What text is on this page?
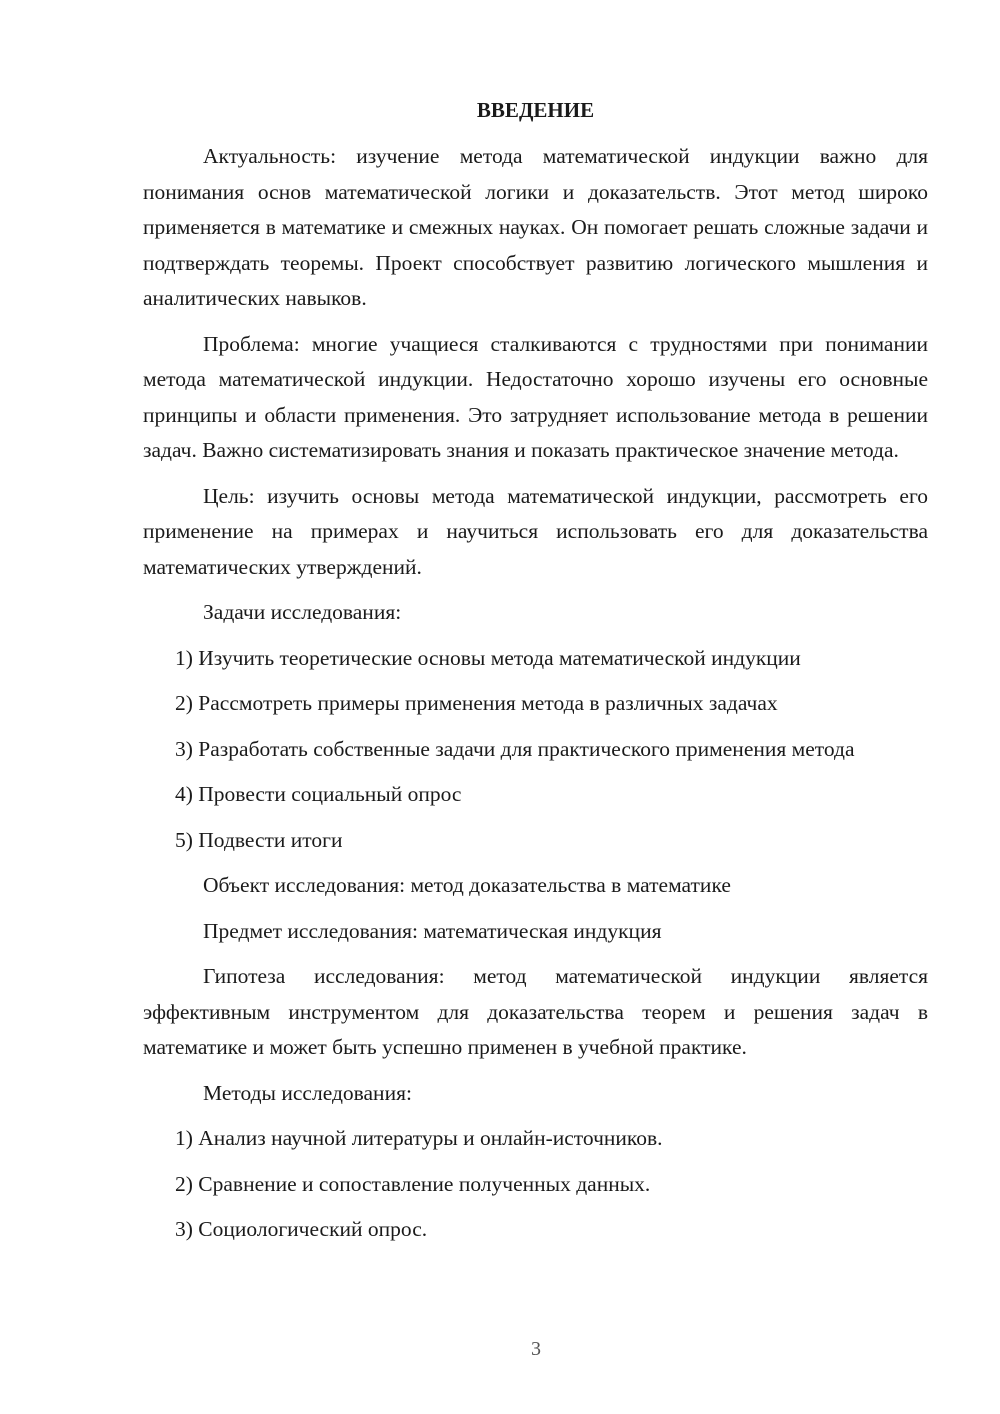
ВВЕДЕНИЕ
Актуальность: изучение метода математической индукции важно для понимания основ математической логики и доказательств. Этот метод широко применяется в математике и смежных науках. Он помогает решать сложные задачи и подтверждать теоремы. Проект способствует развитию логического мышления и аналитических навыков.
Проблема: многие учащиеся сталкиваются с трудностями при понимании метода математической индукции. Недостаточно хорошо изучены его основные принципы и области применения. Это затрудняет использование метода в решении задач. Важно систематизировать знания и показать практическое значение метода.
Цель: изучить основы метода математической индукции, рассмотреть его применение на примерах и научиться использовать его для доказательства математических утверждений.
Задачи исследования:
1) Изучить теоретические основы метода математической индукции
2) Рассмотреть примеры применения метода в различных задачах
3) Разработать собственные задачи для практического применения метода
4) Провести социальный опрос
5) Подвести итоги
Объект исследования: метод доказательства в математике
Предмет исследования: математическая индукция
Гипотеза исследования: метод математической индукции является эффективным инструментом для доказательства теорем и решения задач в математике и может быть успешно применен в учебной практике.
Методы исследования:
1) Анализ научной литературы и онлайн-источников.
2) Сравнение и сопоставление полученных данных.
3) Социологический опрос.
3
